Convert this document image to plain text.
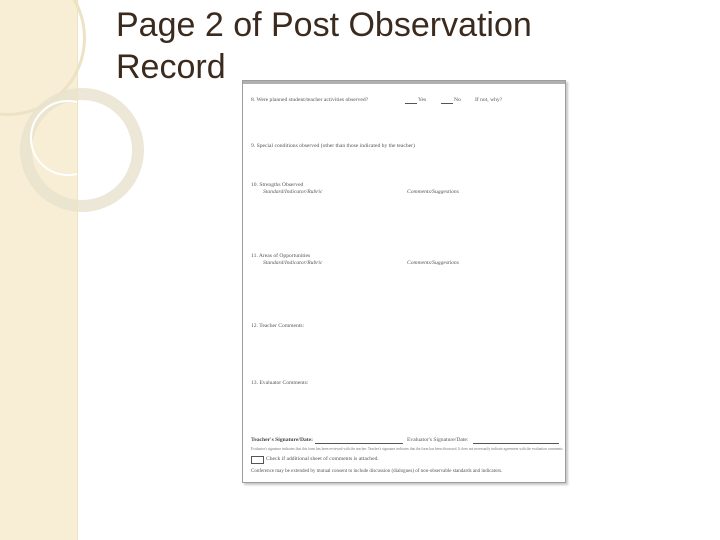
Page 2 of Post Observation Record
8. Were planned student/teacher activities observed?	Yes	No	If not, why?
9. Special conditions observed (other than those indicated by the teacher)
10. Strengths Observed
Standard/Indicator/Rubric	Comments/Suggestions
11. Areas of Opportunities
Standard/Indicator/Rubric	Comments/Suggestions
12. Teacher Comments:
13. Evaluator Comments:
Teacher's Signature/Date:	Evaluator's Signature/Date:
Evaluator's signature indicates that this form has been reviewed with the teacher. Teacher's signature indicates that the form has been discussed. It does not necessarily indicate agreement with the evaluation comments.
Check if additional sheet of comments is attached.
Conference may be extended by mutual consent to include discussion (dialogues) of non-observable standards and indicators.
